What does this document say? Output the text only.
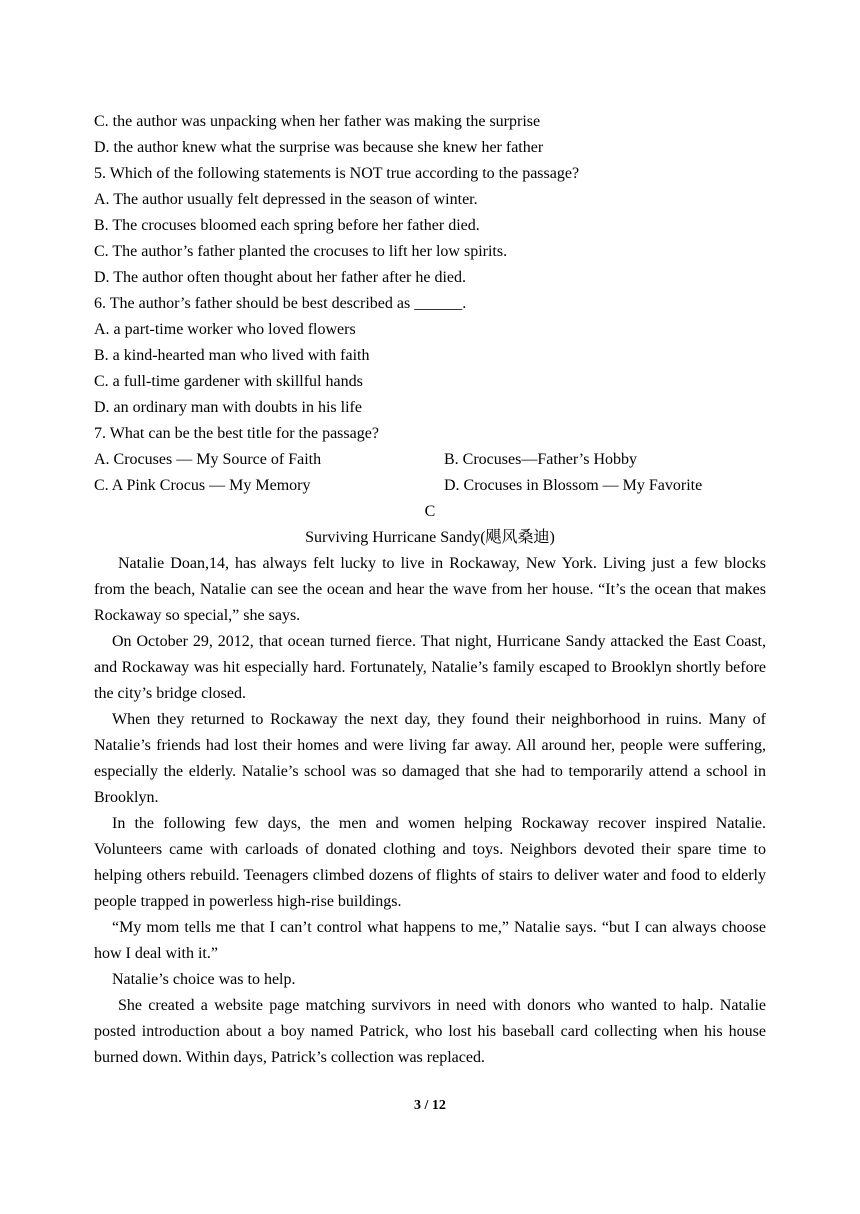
C. the author was unpacking when her father was making the surprise
D. the author knew what the surprise was because she knew her father
5. Which of the following statements is NOT true according to the passage?
A. The author usually felt depressed in the season of winter.
B. The crocuses bloomed each spring before her father died.
C. The author’s father planted the crocuses to lift her low spirits.
D. The author often thought about her father after he died.
6. The author’s father should be best described as ______.
A. a part-time worker who loved flowers
B. a kind-hearted man who lived with faith
C. a full-time gardener with skillful hands
D. an ordinary man with doubts in his life
7. What can be the best title for the passage?
A. Crocuses — My Source of Faith	B. Crocuses—Father’s Hobby
C. A Pink Crocus — My Memory	D. Crocuses in Blossom — My Favorite
C
Surviving Hurricane Sandy(飓风桑迪)

Natalie Doan,14, has always felt lucky to live in Rockaway, New York. Living just a few blocks from the beach, Natalie can see the ocean and hear the wave from her house. “It’s the ocean that makes Rockaway so special,” she says.

On October 29, 2012, that ocean turned fierce. That night, Hurricane Sandy attacked the East Coast, and Rockaway was hit especially hard. Fortunately, Natalie’s family escaped to Brooklyn shortly before the city’s bridge closed.

When they returned to Rockaway the next day, they found their neighborhood in ruins. Many of Natalie’s friends had lost their homes and were living far away. All around her, people were suffering, especially the elderly. Natalie’s school was so damaged that she had to temporarily attend a school in Brooklyn.

In the following few days, the men and women helping Rockaway recover inspired Natalie. Volunteers came with carloads of donated clothing and toys. Neighbors devoted their spare time to helping others rebuild. Teenagers climbed dozens of flights of stairs to deliver water and food to elderly people trapped in powerless high-rise buildings.

“My mom tells me that I can’t control what happens to me,” Natalie says. “but I can always choose how I deal with it.”

Natalie’s choice was to help.

She created a website page matching survivors in need with donors who wanted to halp. Natalie posted introduction about a boy named Patrick, who lost his baseball card collecting when his house burned down. Within days, Patrick’s collection was replaced.

3 / 12
